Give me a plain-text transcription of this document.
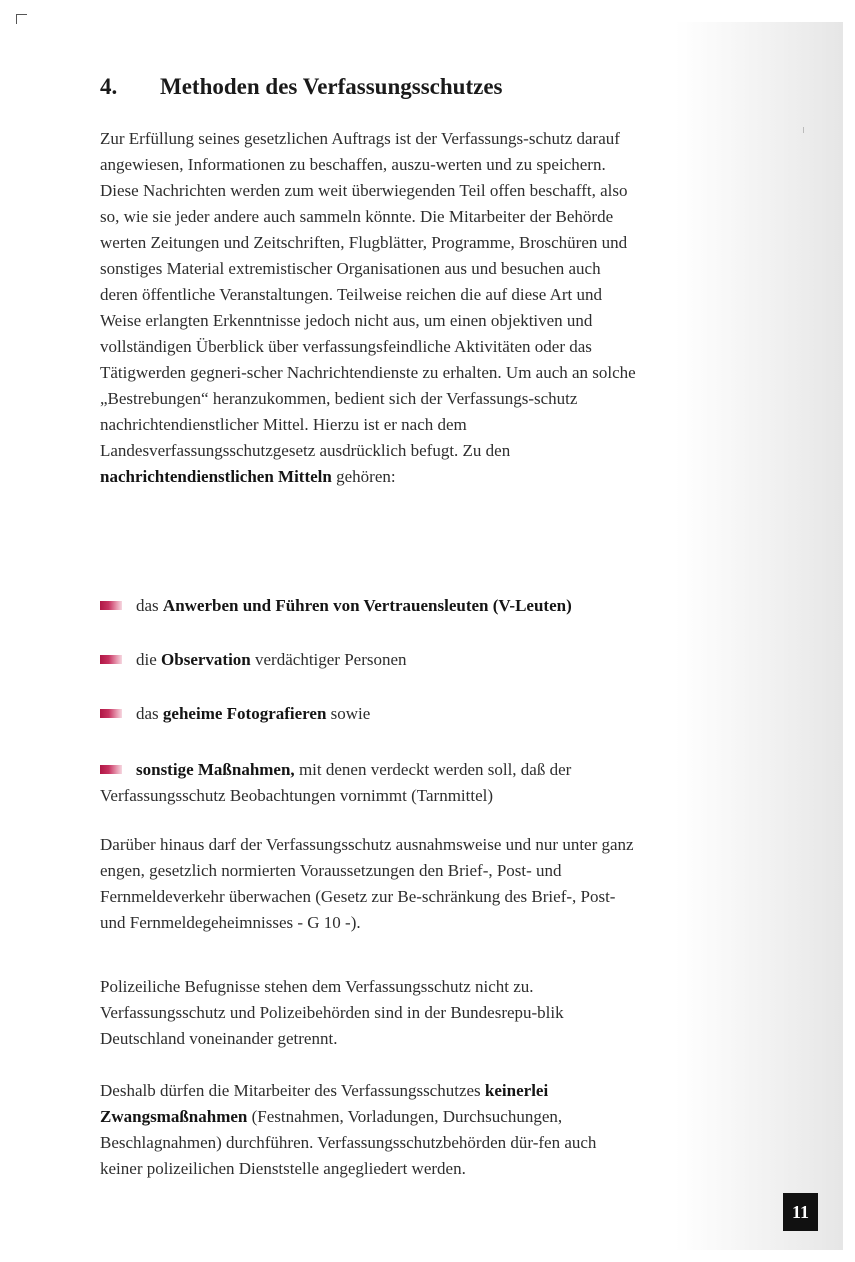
4. Methoden des Verfassungsschutzes

Zur Erfüllung seines gesetzlichen Auftrags ist der Verfassungs-schutz darauf angewiesen, Informationen zu beschaffen, auszu-werten und zu speichern. Diese Nachrichten werden zum weit überwiegenden Teil offen beschafft, also so, wie sie jeder andere auch sammeln könnte. Die Mitarbeiter der Behörde werten Zeitungen und Zeitschriften, Flugblätter, Programme, Broschüren und sonstiges Material extremistischer Organisationen aus und besuchen auch deren öffentliche Veranstaltungen. Teilweise reichen die auf diese Art und Weise erlangten Erkenntnisse jedoch nicht aus, um einen objektiven und vollständigen Überblick über verfassungsfeindliche Aktivitäten oder das Tätigwerden gegneri-scher Nachrichtendienste zu erhalten. Um auch an solche „Bestrebungen“ heranzukommen, bedient sich der Verfassungs-schutz nachrichtendienstlicher Mittel. Hierzu ist er nach dem Landesverfassungsschutzgesetz ausdrücklich befugt. Zu den nachrichtendienstlichen Mitteln gehören:

das Anwerben und Führen von Vertrauensleuten (V-Leuten)

die Observation verdächtiger Personen

das geheime Fotografieren sowie

sonstige Maßnahmen, mit denen verdeckt werden soll, daß der Verfassungsschutz Beobachtungen vornimmt (Tarnmittel)

Darüber hinaus darf der Verfassungsschutz ausnahmsweise und nur unter ganz engen, gesetzlich normierten Voraussetzungen den Brief-, Post- und Fernmeldeverkehr überwachen (Gesetz zur Be-schränkung des Brief-, Post- und Fernmeldegeheimnisses - G 10 -).

Polizeiliche Befugnisse stehen dem Verfassungsschutz nicht zu. Verfassungsschutz und Polizeibehörden sind in der Bundesrepu-blik Deutschland voneinander getrennt.

Deshalb dürfen die Mitarbeiter des Verfassungsschutzes keinerlei Zwangsmaßnahmen (Festnahmen, Vorladungen, Durchsuchungen, Beschlagnahmen) durchführen. Verfassungsschutzbehörden dür-fen auch keiner polizeilichen Dienststelle angegliedert werden.

11
